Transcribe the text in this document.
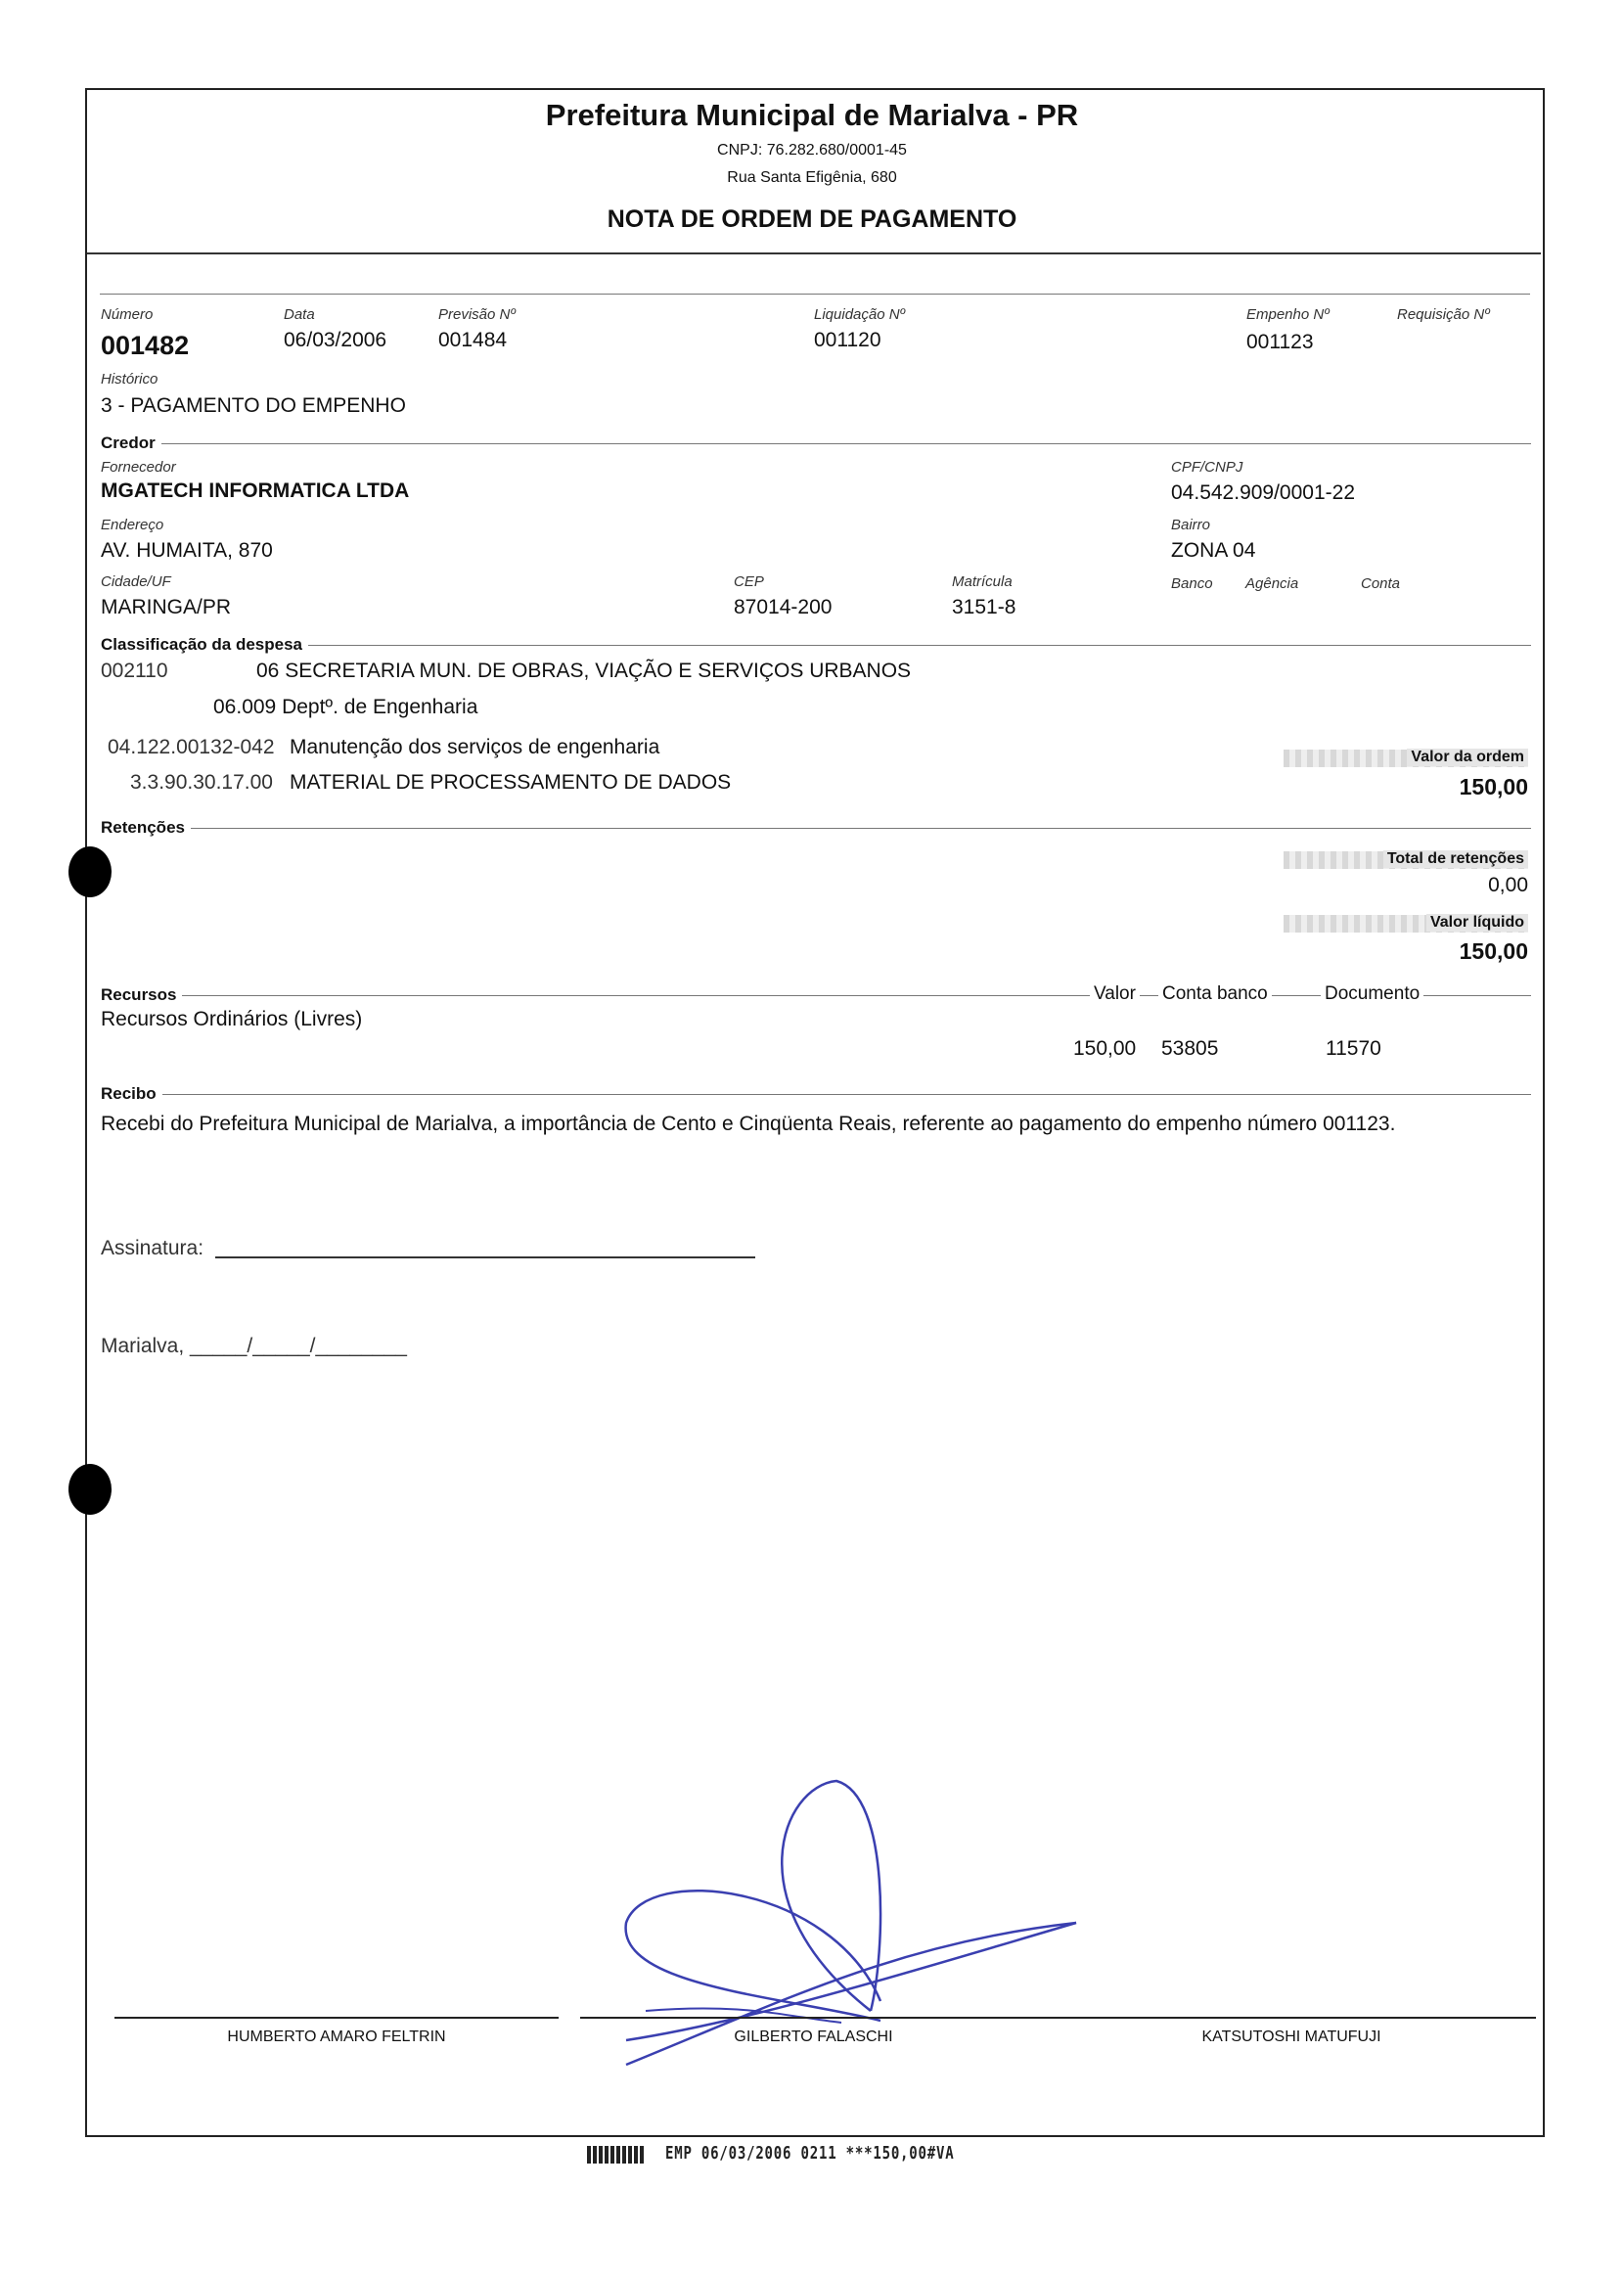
Prefeitura Municipal de Marialva - PR
CNPJ: 76.282.680/0001-45
Rua Santa Efigênia, 680
NOTA DE ORDEM DE PAGAMENTO
Número
001482
Data
06/03/2006
Previsão Nº
001484
Liquidação Nº
001120
Empenho Nº
001123
Requisição Nº
Histórico
3 - PAGAMENTO DO EMPENHO
Credor
Fornecedor
MGATECH INFORMATICA LTDA
CPF/CNPJ
04.542.909/0001-22
Endereço
AV. HUMAITA, 870
Bairro
ZONA 04
Cidade/UF
MARINGA/PR
CEP
87014-200
Matrícula
3151-8
Banco Agência	Conta
Classificação da despesa
002110	06 SECRETARIA MUN. DE OBRAS, VIAÇÃO E SERVIÇOS URBANOS
06.009 Deptº. de Engenharia
04.122.00132-042 Manutenção dos serviços de engenharia
3.3.90.30.17.00 MATERIAL DE PROCESSAMENTO DE DADOS
Valor da ordem
150,00
Retenções
Total de retenções
0,00
Valor líquido
150,00
Recursos	Valor Conta banco	Documento
Recursos Ordinários (Livres)
150,00 53805	11570
Recibo
Recebi do Prefeitura Municipal de Marialva, a importância de Cento e Cinqüenta Reais, referente ao pagamento do empenho número 001123.
Assinatura:
Marialva, _____/_____/________
HUMBERTO AMARO FELTRIN	GILBERTO FALASCHI	KATSUTOSHI MATUFUJI
EMP 06/03/2006 0211 ***150,00#VA
